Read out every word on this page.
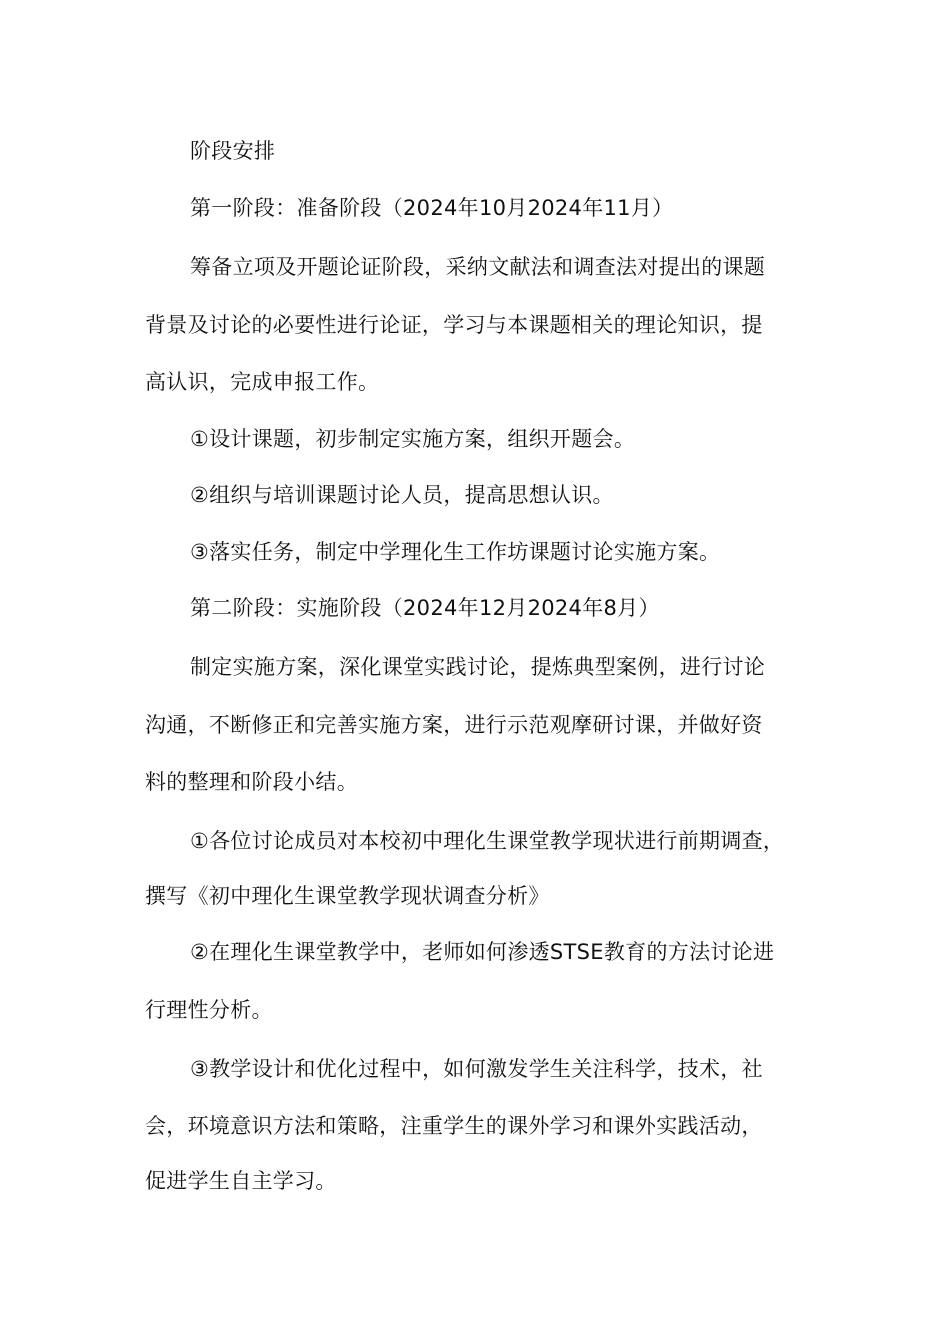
阶段安排
第一阶段：准备阶段（2024年10月2024年11月）
筹备立项及开题论证阶段，采纳文献法和调查法对提出的课题
背景及讨论的必要性进行论证，学习与本课题相关的理论知识，提
高认识，完成申报工作。
①设计课题，初步制定实施方案，组织开题会。
②组织与培训课题讨论人员，提高思想认识。
③落实任务，制定中学理化生工作坊课题讨论实施方案。
第二阶段：实施阶段（2024年12月2024年8月）
制定实施方案，深化课堂实践讨论，提炼典型案例，进行讨论
沟通，不断修正和完善实施方案，进行示范观摩研讨课，并做好资
料的整理和阶段小结。
①各位讨论成员对本校初中理化生课堂教学现状进行前期调查，
撰写《初中理化生课堂教学现状调查分析》
②在理化生课堂教学中，老师如何渗透STSE教育的方法讨论进
行理性分析。
③教学设计和优化过程中，如何激发学生关注科学，技术，社
会，环境意识方法和策略，注重学生的课外学习和课外实践活动，
促进学生自主学习。
